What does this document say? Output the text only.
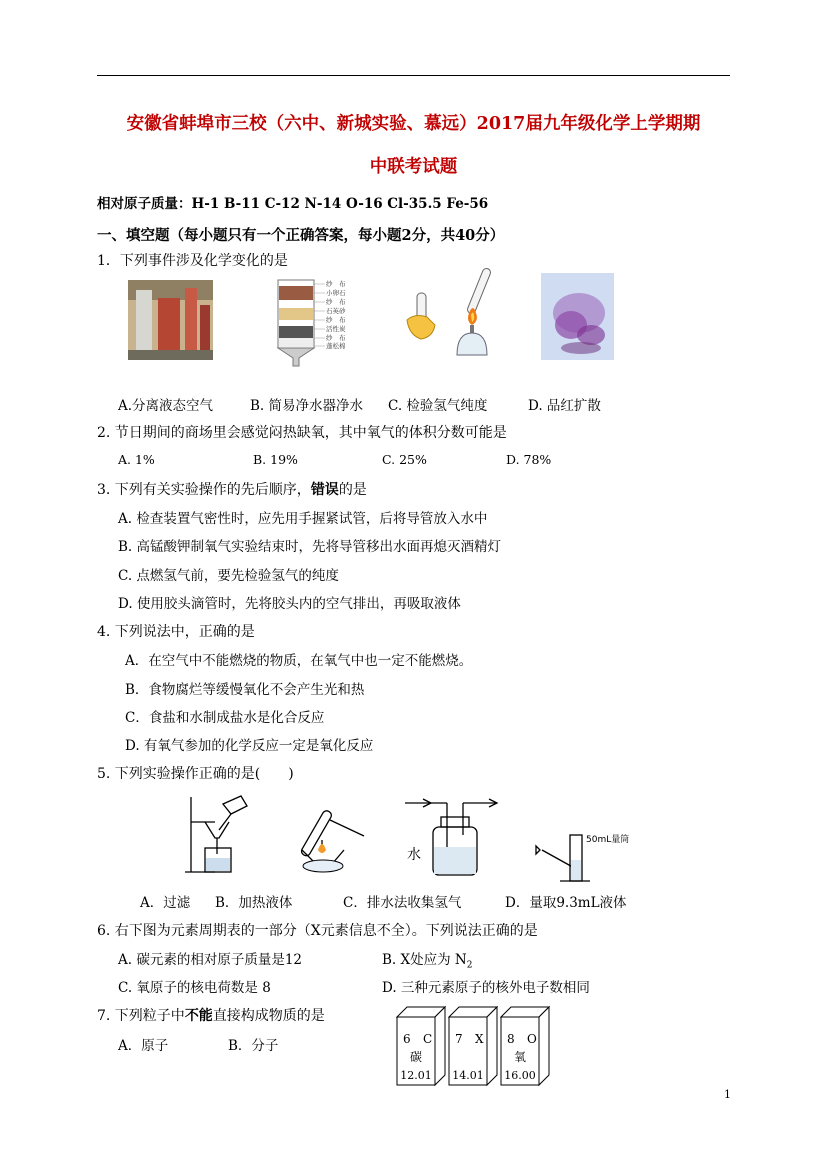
安徽省蚌埠市三校（六中、新城实验、慕远）2017届九年级化学上学期期
中联考试题
相对原子质量：H-1 B-11 C-12 N-14 O-16 Cl-35.5 Fe-56
一、填空题（每小题只有一个正确答案，每小题2分，共40分）
1．下列事件涉及化学变化的是
纱　布
小卵石
纱　布
石英砂
纱　布
活性炭
纱　布
蓬松棉
A.分离液态空气	B. 简易净水器净水 C. 检验氢气纯度	D. 品红扩散
2. 节日期间的商场里会感觉闷热缺氧，其中氧气的体积分数可能是
A. 1%	B. 19%	C. 25%	D. 78%
3. 下列有关实验操作的先后顺序，错误的是
A. 检查装置气密性时，应先用手握紧试管，后将导管放入水中
B. 高锰酸钾制氧气实验结束时，先将导管移出水面再熄灭酒精灯
C. 点燃氢气前，要先检验氢气的纯度
D. 使用胶头滴管时，先将胶头内的空气排出，再吸取液体
4. 下列说法中，正确的是
A．在空气中不能燃烧的物质，在氧气中也一定不能燃烧。
B．食物腐烂等缓慢氧化不会产生光和热
C．食盐和水制成盐水是化合反应
D. 有氧气参加的化学反应一定是氧化反应
5. 下列实验操作正确的是(　　)
水
50mL量筒
A．过滤 B．加热液体	C．排水法收集氢气	D．量取9.3mL液体
6. 右下图为元素周期表的一部分（X元素信息不全）。下列说法正确的是
A. 碳元素的相对原子质量是12	B. X处应为 $N_2$
C. 氧原子的核电荷数是 8	D. 三种元素原子的核外电子数相同
7. 下列粒子中不能直接构成物质的是
A．原子	B．分子	6 C
碳
12.01
7 X
14.01
8 O
氧
16.00
1
